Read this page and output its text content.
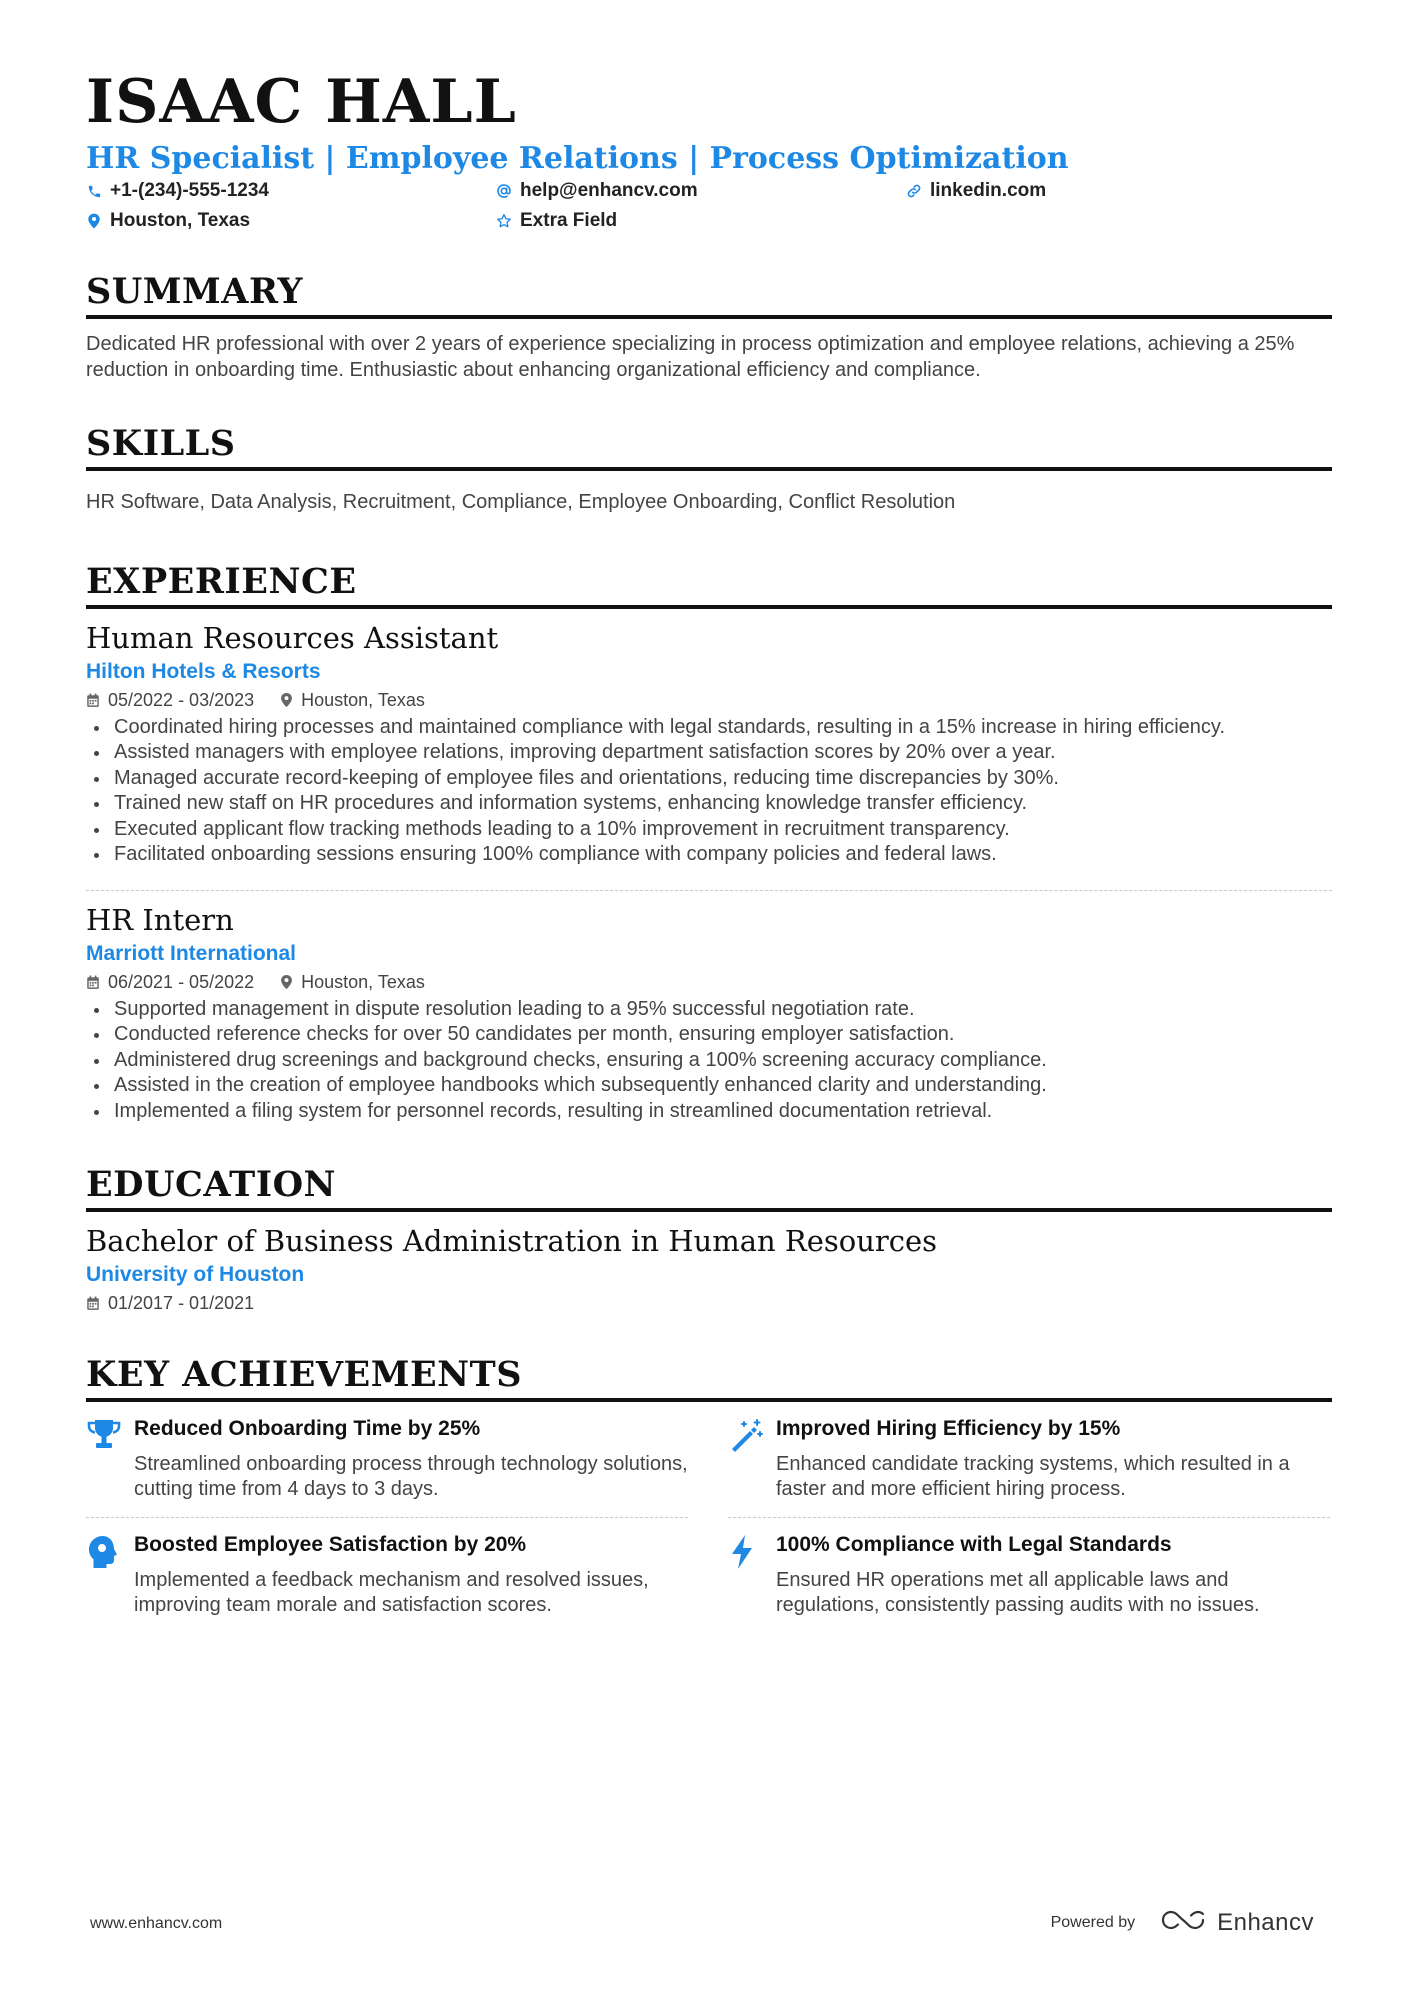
ISAAC HALL
HR Specialist | Employee Relations | Process Optimization
+1-(234)-555-1234	help@enhancv.com	linkedin.com
Houston, Texas	Extra Field
SUMMARY
Dedicated HR professional with over 2 years of experience specializing in process optimization and employee relations, achieving a 25% reduction in onboarding time. Enthusiastic about enhancing organizational efficiency and compliance.
SKILLS
HR Software, Data Analysis, Recruitment, Compliance, Employee Onboarding, Conflict Resolution
EXPERIENCE
Human Resources Assistant
Hilton Hotels & Resorts
05/2022 - 03/2023	Houston, Texas
Coordinated hiring processes and maintained compliance with legal standards, resulting in a 15% increase in hiring efficiency.
Assisted managers with employee relations, improving department satisfaction scores by 20% over a year.
Managed accurate record-keeping of employee files and orientations, reducing time discrepancies by 30%.
Trained new staff on HR procedures and information systems, enhancing knowledge transfer efficiency.
Executed applicant flow tracking methods leading to a 10% improvement in recruitment transparency.
Facilitated onboarding sessions ensuring 100% compliance with company policies and federal laws.
HR Intern
Marriott International
06/2021 - 05/2022	Houston, Texas
Supported management in dispute resolution leading to a 95% successful negotiation rate.
Conducted reference checks for over 50 candidates per month, ensuring employer satisfaction.
Administered drug screenings and background checks, ensuring a 100% screening accuracy compliance.
Assisted in the creation of employee handbooks which subsequently enhanced clarity and understanding.
Implemented a filing system for personnel records, resulting in streamlined documentation retrieval.
EDUCATION
Bachelor of Business Administration in Human Resources
University of Houston
01/2017 - 01/2021
KEY ACHIEVEMENTS
Reduced Onboarding Time by 25%
Streamlined onboarding process through technology solutions, cutting time from 4 days to 3 days.
Improved Hiring Efficiency by 15%
Enhanced candidate tracking systems, which resulted in a faster and more efficient hiring process.
Boosted Employee Satisfaction by 20%
Implemented a feedback mechanism and resolved issues, improving team morale and satisfaction scores.
100% Compliance with Legal Standards
Ensured HR operations met all applicable laws and regulations, consistently passing audits with no issues.
www.enhancv.com	Powered by	Enhancv
